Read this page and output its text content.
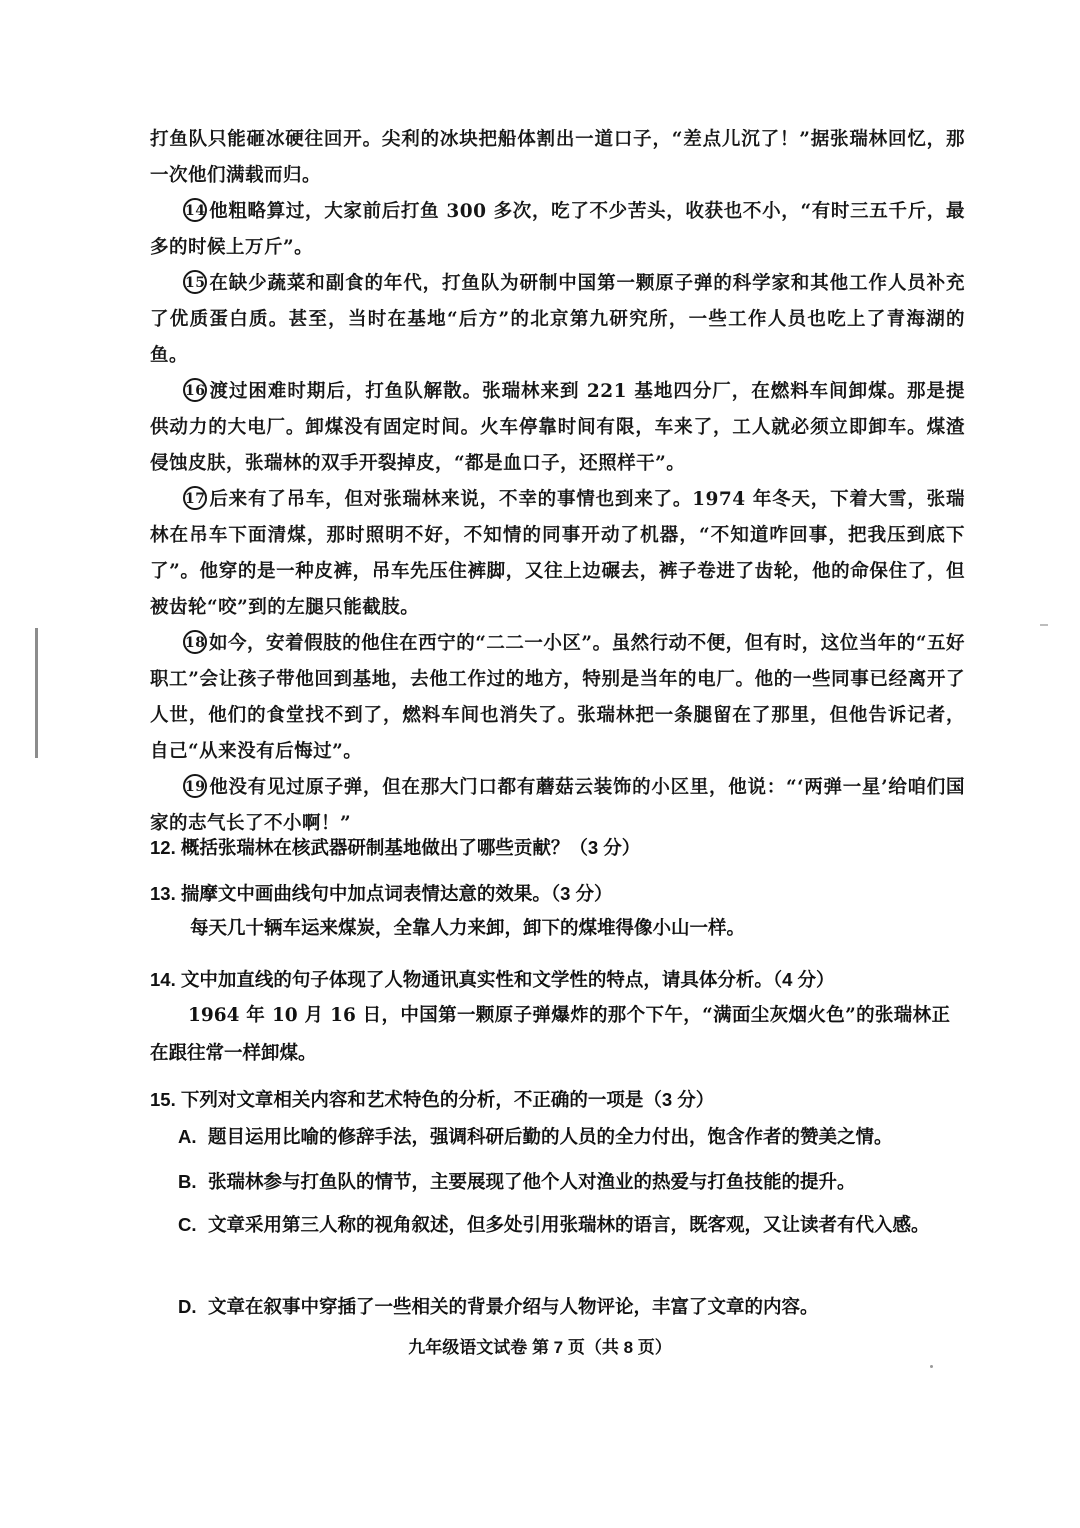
打鱼队只能砸冰硬往回开。尖利的冰块把船体割出一道口子，“差点儿沉了！”据张瑞林回忆，那一次他们满载而归。

14 他粗略算过，大家前后打鱼 300 多次，吃了不少苦头，收获也不小，“有时三五千斤，最多的时候上万斤”。

15 在缺少蔬菜和副食的年代，打鱼队为研制中国第一颗原子弹的科学家和其他工作人员补充了优质蛋白质。甚至，当时在基地“后方”的北京第九研究所，一些工作人员也吃上了青海湖的鱼。

16 渡过困难时期后，打鱼队解散。张瑞林来到 221 基地四分厂，在燃料车间卸煤。那是提供动力的大电厂。卸煤没有固定时间。火车停靠时间有限，车来了，工人就必须立即卸车。煤渣侵蚀皮肤，张瑞林的双手开裂掉皮，“都是血口子，还照样干”。

17 后来有了吊车，但对张瑞林来说，不幸的事情也到来了。1974 年冬天，下着大雪，张瑞林在吊车下面清煤，那时照明不好，不知情的同事开动了机器，“不知道咋回事，把我压到底下了”。他穿的是一种皮裤，吊车先压住裤脚，又往上边碾去，裤子卷进了齿轮，他的命保住了，但被齿轮“咬”到的左腿只能截肢。

18 如今，安着假肢的他住在西宁的“二二一小区”。虽然行动不便，但有时，这位当年的“五好职工”会让孩子带他回到基地，去他工作过的地方，特别是当年的电厂。他的一些同事已经离开了人世，他们的食堂找不到了，燃料车间也消失了。张瑞林把一条腿留在了那里，但他告诉记者，自己“从来没有后悔过”。

19 他没有见过原子弹，但在那大门口都有蘑菇云装饰的小区里，他说：“‘两弹一星’给咱们国家的志气长了不小啊！”

12. 概括张瑞林在核武器研制基地做出了哪些贡献？（3 分）
13. 揣摩文中画曲线句中加点词表情达意的效果。（3 分）
每天几十辆车运来煤炭，全靠人力来卸，卸下的煤堆得像小山一样。
14. 文中加直线的句子体现了人物通讯真实性和文学性的特点，请具体分析。（4 分）
1964 年 10 月 16 日，中国第一颗原子弹爆炸的那个下午，“满面尘灰烟火色”的张瑞林正在跟往常一样卸煤。
15. 下列对文章相关内容和艺术特色的分析，不正确的一项是（3 分）
A. 题目运用比喻的修辞手法，强调科研后勤的人员的全力付出，饱含作者的赞美之情。
B. 张瑞林参与打鱼队的情节，主要展现了他个人对渔业的热爱与打鱼技能的提升。
C. 文章采用第三人称的视角叙述，但多处引用张瑞林的语言，既客观，又让读者有代入感。
D. 文章在叙事中穿插了一些相关的背景介绍与人物评论，丰富了文章的内容。
九年级语文试卷 第 7 页（共 8 页）
